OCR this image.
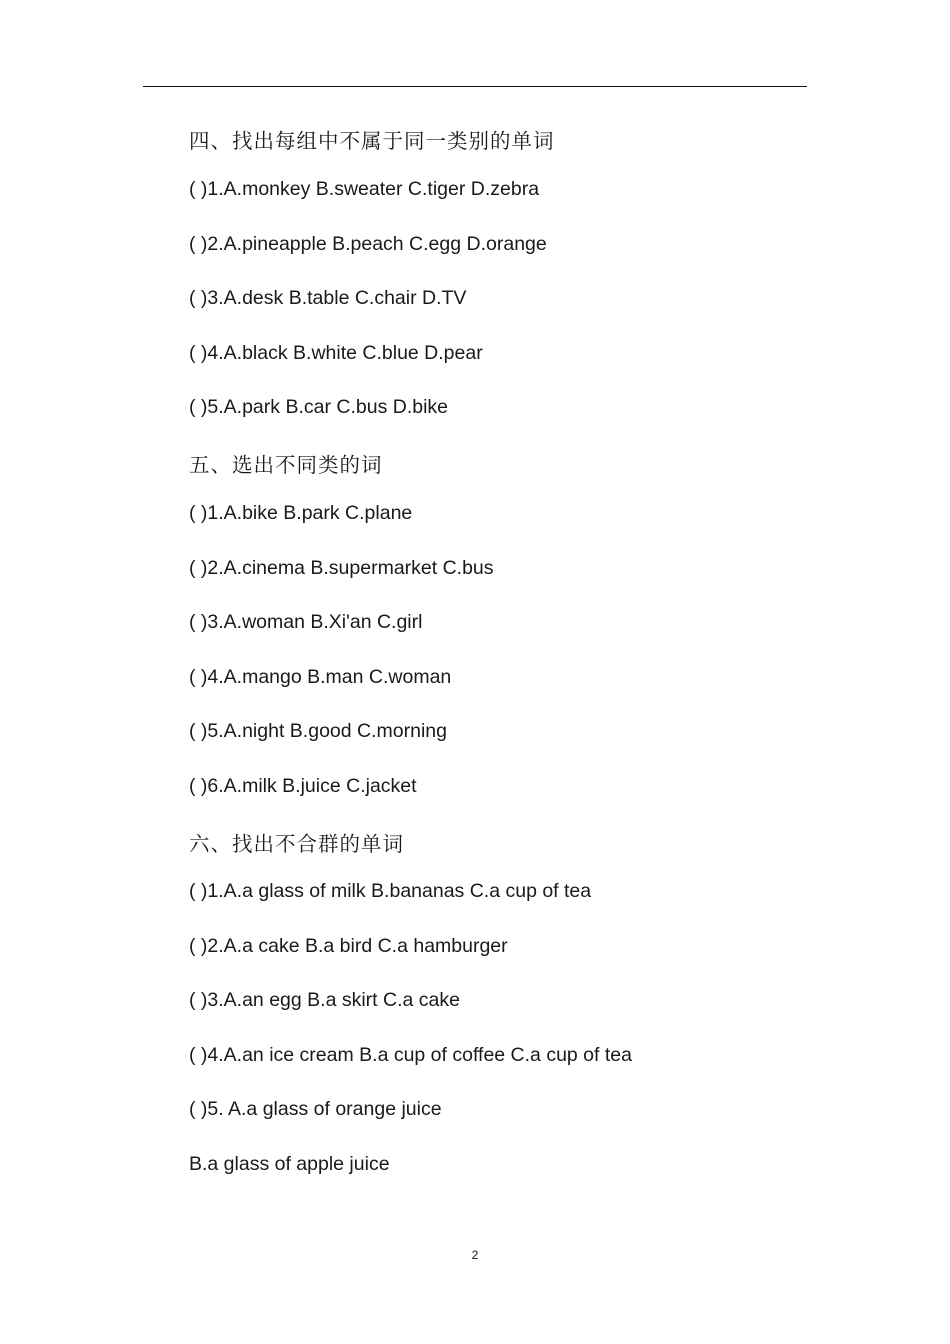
四、找出每组中不属于同一类别的单词
( )1.A.monkey B.sweater C.tiger D.zebra
( )2.A.pineapple B.peach C.egg D.orange
( )3.A.desk B.table C.chair D.TV
( )4.A.black B.white C.blue D.pear
( )5.A.park B.car C.bus D.bike
五、选出不同类的词
( )1.A.bike B.park C.plane
( )2.A.cinema B.supermarket C.bus
( )3.A.woman B.Xi'an C.girl
( )4.A.mango B.man C.woman
( )5.A.night B.good C.morning
( )6.A.milk B.juice C.jacket
六、找出不合群的单词
( )1.A.a glass of milk B.bananas C.a cup of tea
( )2.A.a cake B.a bird C.a hamburger
( )3.A.an egg B.a skirt C.a cake
( )4.A.an ice cream B.a cup of coffee C.a cup of tea
( )5. A.a glass of orange juice
B.a glass of apple juice
2
